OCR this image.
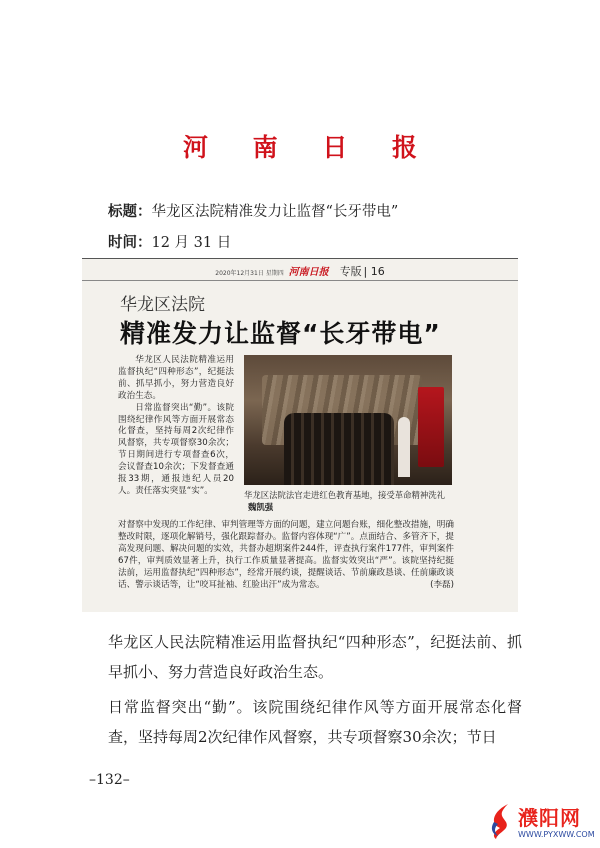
河 南 日 报
标题：华龙区法院精准发力让监督“长牙带电”
时间：12 月 31 日
2020年12月31日 星期四 河南日报 专版 | 16
华龙区法院
精准发力让监督“长牙带电”

华龙区人民法院精准运用监督执纪“四种形态”，纪挺法前、抓早抓小，努力营造良好政治生态。

日常监督突出“勤”。该院围绕纪律作风等方面开展常态化督查，坚持每周2次纪律作风督察，共专项督察30余次；节日期间进行专项督查6次，会议督查10余次；下发督查通报33期，通报违纪人员20人。责任落实突显“实”。	华龙区法院法官走进红色教育基地，接受革命精神洗礼魏凯强

对督察中发现的工作纪律、审判管理等方面的问题，建立问题台账，细化整改措施，明确整改时限，逐项化解销号，强化跟踪督办。监督内容体现“广”。点面结合、多管齐下，提高发现问题、解决问题的实效，共督办超期案件244件，评查执行案件177件，审判案件67件，审判质效显著上升，执行工作质量显著提高。监督实效突出“严”。该院坚持纪挺法前，运用监督执纪“四种形态”，经常开展约谈，提醒谈话、节前廉政恳谈、任前廉政谈话、警示谈话等，让“咬耳扯袖、红脸出汗”成为常态。	(李磊)

华龙区人民法院精准运用监督执纪“四种形态”，纪挺法前、抓早抓小、努力营造良好政治生态。

日常监督突出“勤”。该院围绕纪律作风等方面开展常态化督查，坚持每周2次纪律作风督察，共专项督察30余次；节日

–132–
濮阳网
WWW.PYXWW.COM
